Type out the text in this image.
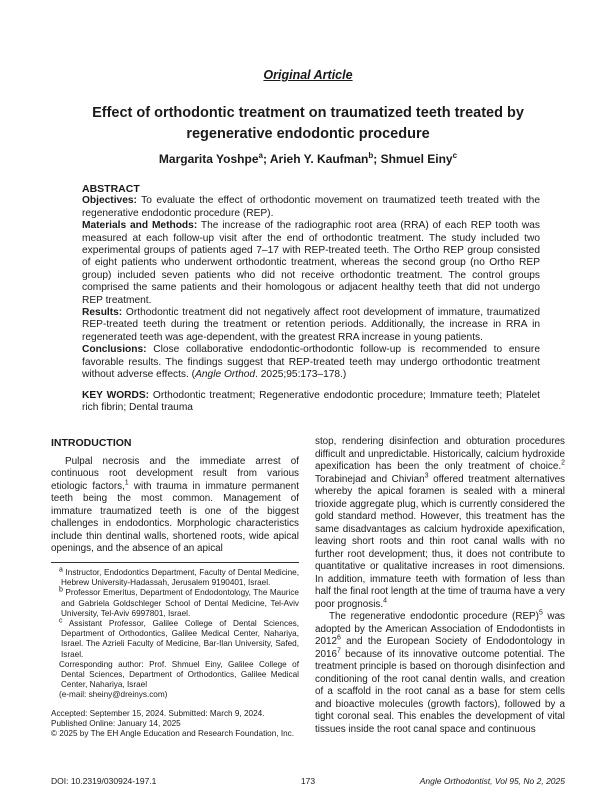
Original Article
Effect of orthodontic treatment on traumatized teeth treated by
regenerative endodontic procedure
Margarita Yoshpe$^a$; Arieh Y. Kaufman$^b$; Shmuel Einy$^c$

ABSTRACT

Objectives: To evaluate the effect of orthodontic movement on traumatized teeth treated with the regenerative endodontic procedure (REP).

Materials and Methods: The increase of the radiographic root area (RRA) of each REP tooth was measured at each follow-up visit after the end of orthodontic treatment. The study included two experimental groups of patients aged 7–17 with REP-treated teeth. The Ortho REP group consisted of eight patients who underwent orthodontic treatment, whereas the second group (no Ortho REP group) included seven patients who did not receive orthodontic treatment. The control groups comprised the same patients and their homologous or adjacent healthy teeth that did not undergo REP treatment.

Results: Orthodontic treatment did not negatively affect root development of immature, traumatized REP-treated teeth during the treatment or retention periods. Additionally, the increase in RRA in regenerated teeth was age-dependent, with the greatest RRA increase in young patients.

Conclusions: Close collaborative endodontic-orthodontic follow-up is recommended to ensure favorable results. The findings suggest that REP-treated teeth may undergo orthodontic treatment without adverse effects. (Angle Orthod. 2025;95:173–178.)

KEY WORDS: Orthodontic treatment; Regenerative endodontic procedure; Immature teeth; Platelet rich fibrin; Dental trauma

INTRODUCTION

Pulpal necrosis and the immediate arrest of continuous root development result from various etiologic factors,$^1$ with trauma in immature permanent teeth being the most common. Management of immature traumatized teeth is one of the biggest challenges in endodontics. Morphologic characteristics include thin dentinal walls, shortened roots, wide apical openings, and the absence of an apical

$^a$ Instructor, Endodontics Department, Faculty of Dental Medicine, Hebrew University-Hadassah, Jerusalem 9190401, Israel.

$^b$ Professor Emeritus, Department of Endodontology, The Maurice and Gabriela Goldschleger School of Dental Medicine, Tel-Aviv University, Tel-Aviv 6997801, Israel.

$^c$ Assistant Professor, Galilee College of Dental Sciences, Department of Orthodontics, Galilee Medical Center, Nahariya, Israel. The Azrieli Faculty of Medicine, Bar-Ilan University, Safed, Israel.

Corresponding author: Prof. Shmuel Einy, Galilee College of Dental Sciences, Department of Orthodontics, Galilee Medical Center, Nahariya, Israel

(e-mail: sheiny@dreinys.com)

Accepted: September 15, 2024. Submitted: March 9, 2024.

Published Online: January 14, 2025

© 2025 by The EH Angle Education and Research Foundation, Inc.

stop, rendering disinfection and obturation procedures difficult and unpredictable. Historically, calcium hydroxide apexification has been the only treatment of choice.$^2$ Torabinejad and Chivian$^3$ offered treatment alternatives whereby the apical foramen is sealed with a mineral trioxide aggregate plug, which is currently considered the gold standard method. However, this treatment has the same disadvantages as calcium hydroxide apexification, leaving short roots and thin root canal walls with no further root development; thus, it does not contribute to quantitative or qualitative increases in root dimensions. In addition, immature teeth with formation of less than half the final root length at the time of trauma have a very poor prognosis.$^4$

The regenerative endodontic procedure (REP)$^5$ was adopted by the American Association of Endodontists in 2012$^6$ and the European Society of Endodontology in 2016$^7$ because of its innovative outcome potential. The treatment principle is based on thorough disinfection and conditioning of the root canal dentin walls, and creation of a scaffold in the root canal as a base for stem cells and bioactive molecules (growth factors), followed by a tight coronal seal. This enables the development of vital tissues inside the root canal space and continuous

DOI: 10.2319/030924-197.1	173	Angle Orthodontist, Vol 95, No 2, 2025
